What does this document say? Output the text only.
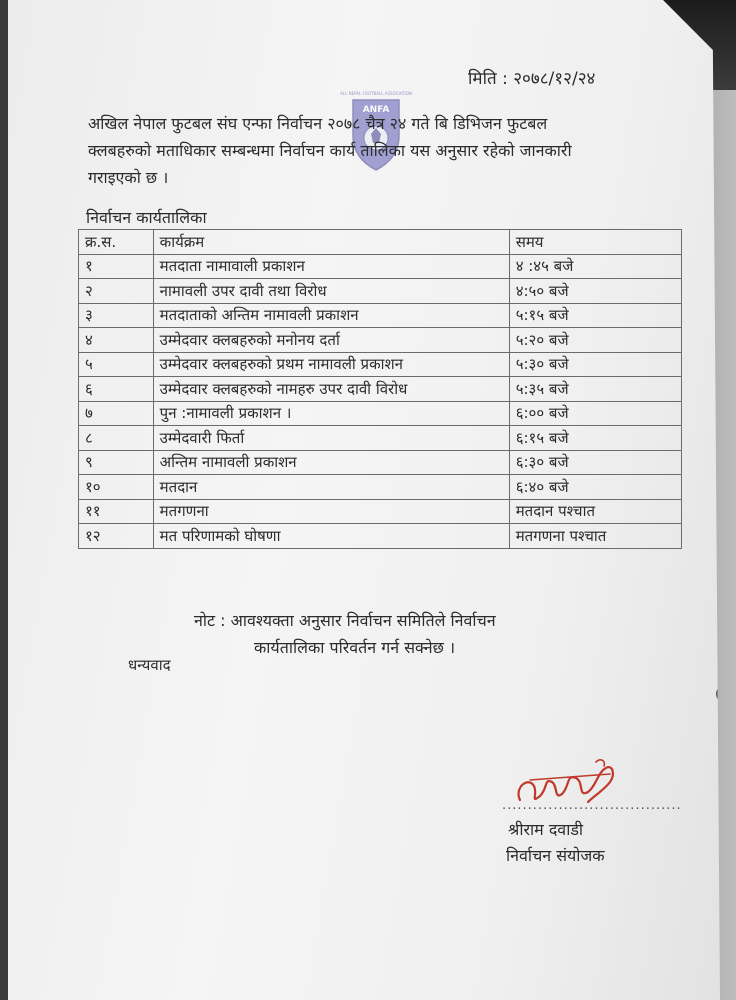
मिति : २०७८/१२/२४
ALL NEPAL FOOTBALL ASSOCIATION
ANFA
अखिल नेपाल फुटबल संघ एन्फा निर्वाचन २०७८ चैत्र २४ गते बि डिभिजन फुटबल
क्लबहरुको मताधिकार सम्बन्धमा निर्वाचन कार्य तालिका यस अनुसार रहेको जानकारी
गराइएको छ ।
निर्वाचन कार्यतालिका
क्र.स.	कार्यक्रम	समय
१	मतदाता नामावाली प्रकाशन	४ :४५ बजे
२	नामावली उपर दावी तथा विरोध	४:५० बजे
३	मतदाताको अन्तिम नामावली प्रकाशन	५:१५ बजे
४	उम्मेदवार क्लबहरुको मनोनय दर्ता	५:२० बजे
५	उम्मेदवार क्लबहरुको प्रथम नामावली प्रकाशन	५:३० बजे
६	उम्मेदवार क्लबहरुको नामहरु उपर दावी विरोध	५:३५ बजे
७	पुन :नामावली प्रकाशन ।	६:०० बजे
८	उम्मेदवारी फिर्ता	६:१५ बजे
९	अन्तिम नामावली प्रकाशन	६:३० बजे
१०	मतदान	६:४० बजे
११	मतगणना	मतदान पश्चात
१२	मत परिणामको घोषणा	मतगणना पश्चात
नोट : आवश्यक्ता अनुसार निर्वाचन समितिले निर्वाचन
कार्यतालिका परिवर्तन गर्न सक्नेछ ।
धन्यवाद
...................................
श्रीराम दवाडी
निर्वाचन संयोजक
